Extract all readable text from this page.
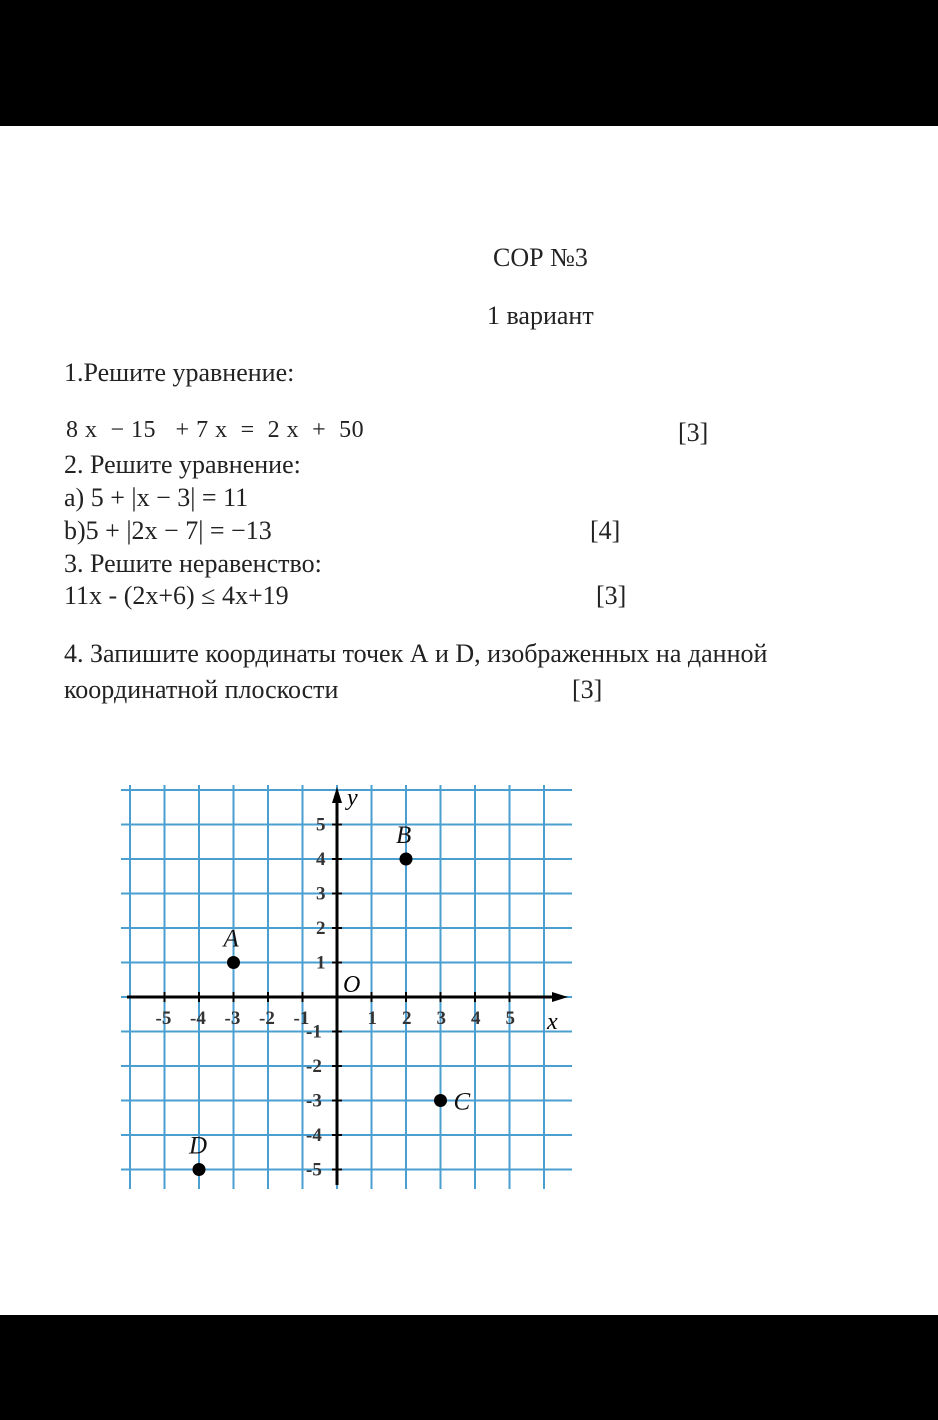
СОР №3
1 вариант
1.Решите уравнение:
8 x  − 15   + 7 x  =  2 x  +  50	[3]
2. Решите уравнение:
a) 5 + |x − 3| = 11
b)5 + |2x − 7| = −13	[4]
3. Решите неравенство:
11x - (2x+6) ≤ 4x+19	[3]
4. Запишите координаты точек А и D, изображенных на данной
координатной плоскости	[3]
x
y
O
-5 -4 -3 -2 -1	1 2 3 4 5
1
2
3
4
5
-1
-2
-3
-4
-5
B
A
C
D
